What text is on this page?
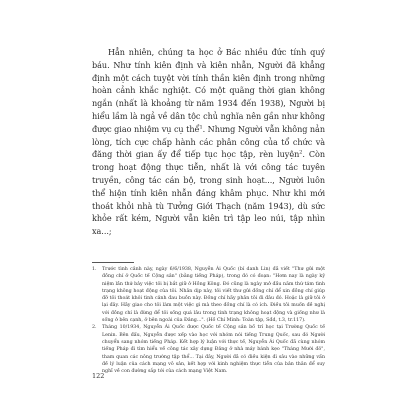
Hẳn nhiên, chúng ta học ở Bác nhiều đức tính quý báu. Như tính kiên định và kiên nhẫn, Người đã khẳng định một cách tuyệt vời tính thần kiên định trong những hoàn cảnh khắc nghiệt. Có một quãng thời gian không ngắn (nhất là khoảng từ năm 1934 đến 1938), Người bị hiểu lầm là ngả về dân tộc chủ nghĩa nên gần như không được giao nhiệm vụ cụ thể$^1$. Nhưng Người vẫn không nản lòng, tích cực chấp hành các phân công của tổ chức và đăng thời gian ấy để tiếp tục học tập, rèn luyện$^2$. Còn trong hoạt động thực tiễn, nhất là với công tác tuyên truyền, công tác cán bộ, trong sinh hoạt..., Người luôn thể hiện tính kiên nhẫn đáng khâm phục. Như khi mới thoát khỏi nhà tù Tưởng Giới Thạch (năm 1943), dù sức khỏe rất kém, Người vẫn kiên trì tập leo núi, tập nhìn xa...;

1.	Trước tình cảnh này, ngày 6/6/1938, Nguyễn Ái Quốc (bí danh Lin) đã viết "Thư gửi một đồng chí ở Quốc tế Cộng sản" (bằng tiếng Pháp), trong đó có đoạn: "Hơm nay là ngày kỷ niệm lần thứ bảy việc tôi bị bắt giữ ở Hồng Kông. Đó cũng là ngày mở đầu năm thứ tám tình trạng không hoạt động của tôi. Nhân dịp này, tôi viết thư gửi đồng chí để xin đồng chí giúp đỡ tôi thoát khỏi tình cảnh đau buồn này. Đồng chí hãy phân tôi đi đâu đó. Hoặc là giữ tôi ở lại đây. Hãy giao cho tôi làm một việc gì mà theo đồng chí là có ích. Điều tôi muốn đề nghị với đồng chí là đừng để tôi sống quá lâu trong tình trạng không hoạt động và giống như là sống ở bên cạnh, ở bên ngoài của Đảng...". (Hồ Chí Minh: Toàn tập, Sđd, t.3, tr.117).
2.	Tháng 10/1934, Nguyễn Ái Quốc được Quốc tế Cộng sản bố trí học tại Trường Quốc tế Lenin. Bên đấu, Nguyễn được xếp vào học với nhóm nói tiếng Trung Quốc, sau đó Người chuyển sang nhóm tiếng Pháp. Kết hợp lý luận với thực tế, Nguyễn Ái Quốc đã cùng nhóm tiếng Pháp đi tìm hiểu về công tác xây dựng Đảng ở nhà máy bánh kẹo "Tháng Mười đỏ", tham quan các nông trường tập thể... Tại đây, Người đã có điều kiện đi sâu vào những vấn đề lý luận của cách mạng vô sản, kết hợp với kinh nghiệm thực tiễn của bản thân để suy nghĩ về con đường sắp tới của cách mạng Việt Nam.
122
